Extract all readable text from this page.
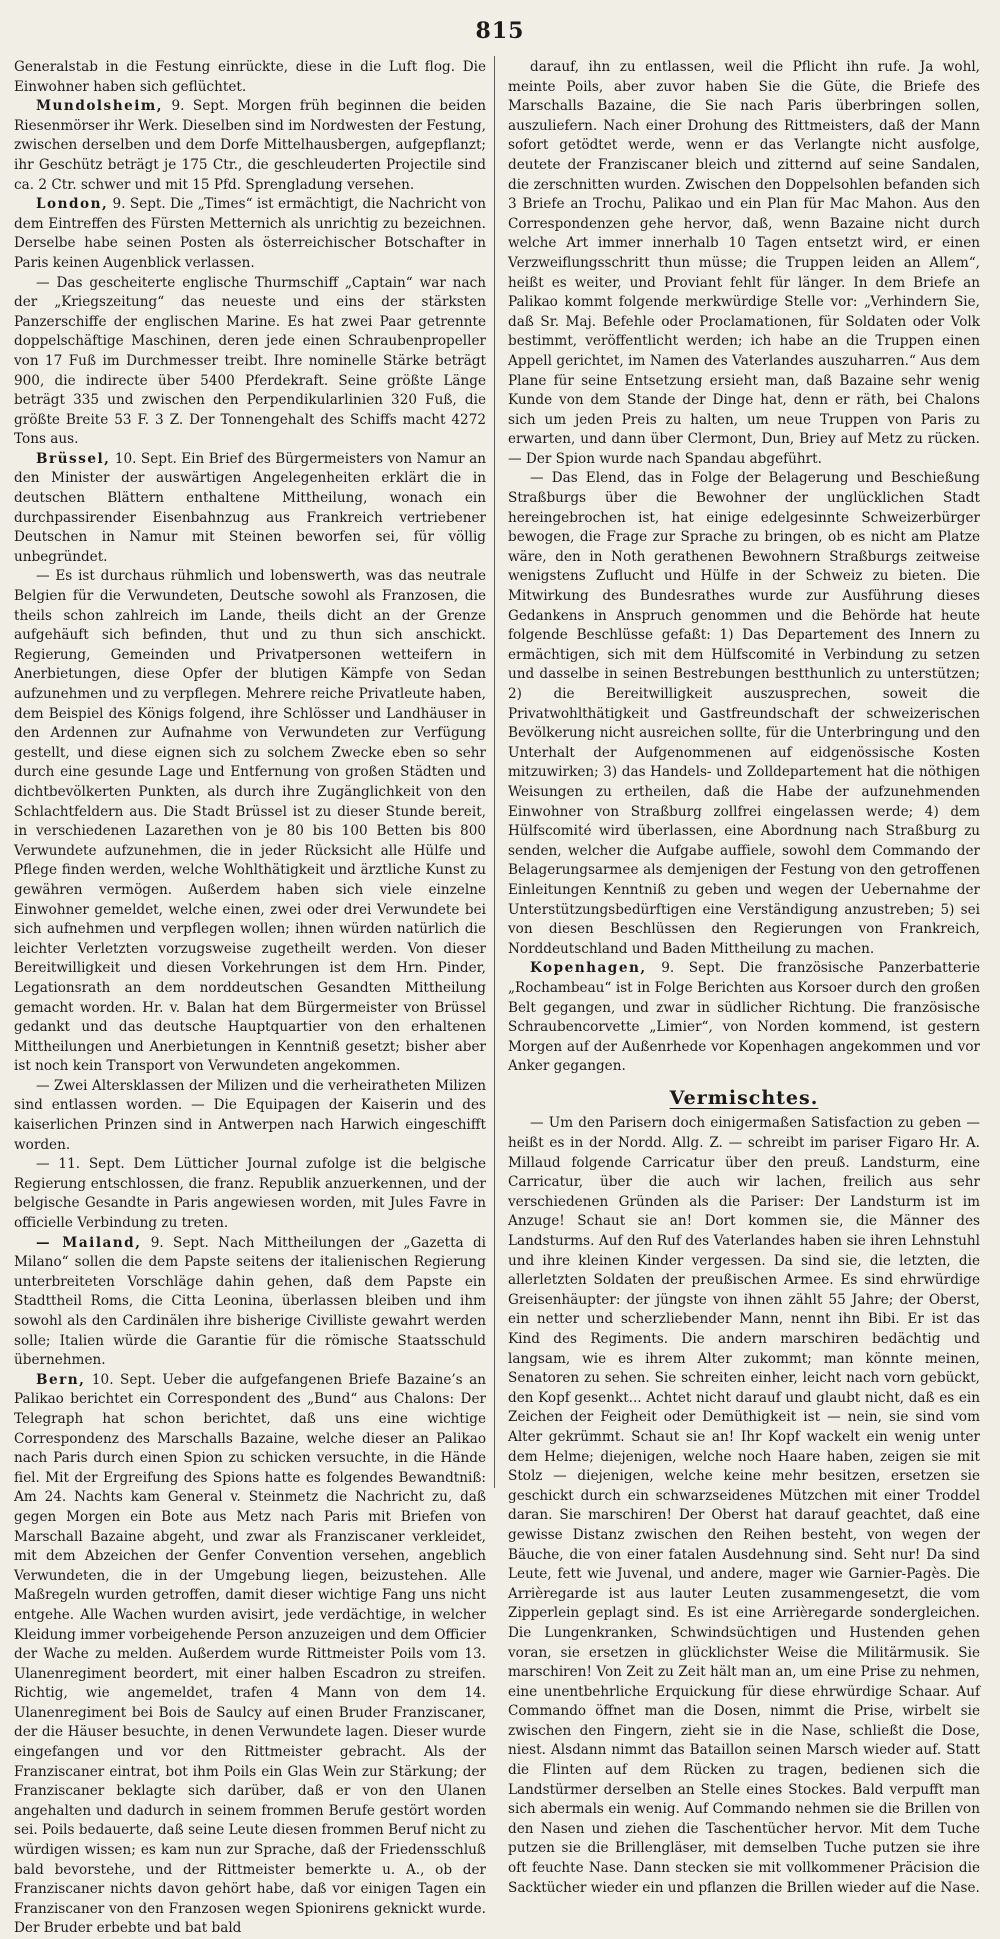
815

Generalstab in die Festung einrückte, diese in die Luft flog. Die Einwohner haben sich geflüchtet.

Mundolsheim, 9. Sept. Morgen früh beginnen die beiden Riesenmörser ihr Werk. Dieselben sind im Nordwesten der Festung, zwischen derselben und dem Dorfe Mittelhausbergen, aufgepflanzt; ihr Geschütz beträgt je 175 Ctr., die geschleuderten Projectile sind ca. 2 Ctr. schwer und mit 15 Pfd. Sprengladung versehen.

London, 9. Sept. Die „Times“ ist ermächtigt, die Nachricht von dem Eintreffen des Fürsten Metternich als unrichtig zu bezeichnen. Derselbe habe seinen Posten als österreichischer Botschafter in Paris keinen Augenblick verlassen.

— Das gescheiterte englische Thurmschiff „Captain“ war nach der „Kriegszeitung“ das neueste und eins der stärksten Panzerschiffe der englischen Marine. Es hat zwei Paar getrennte doppelschäftige Maschinen, deren jede einen Schraubenpropeller von 17 Fuß im Durchmesser treibt. Ihre nominelle Stärke beträgt 900, die indirecte über 5400 Pferdekraft. Seine größte Länge beträgt 335 und zwischen den Perpendikularlinien 320 Fuß, die größte Breite 53 F. 3 Z. Der Tonnengehalt des Schiffs macht 4272 Tons aus.

Brüssel, 10. Sept. Ein Brief des Bürgermeisters von Namur an den Minister der auswärtigen Angelegenheiten erklärt die in deutschen Blättern enthaltene Mittheilung, wonach ein durchpassirender Eisenbahnzug aus Frankreich vertriebener Deutschen in Namur mit Steinen beworfen sei, für völlig unbegründet.

— Es ist durchaus rühmlich und lobenswerth, was das neutrale Belgien für die Verwundeten, Deutsche sowohl als Franzosen, die theils schon zahlreich im Lande, theils dicht an der Grenze aufgehäuft sich befinden, thut und zu thun sich anschickt. Regierung, Gemeinden und Privatpersonen wetteifern in Anerbietungen, diese Opfer der blutigen Kämpfe von Sedan aufzunehmen und zu verpflegen. Mehrere reiche Privatleute haben, dem Beispiel des Königs folgend, ihre Schlösser und Landhäuser in den Ardennen zur Aufnahme von Verwundeten zur Verfügung gestellt, und diese eignen sich zu solchem Zwecke eben so sehr durch eine gesunde Lage und Entfernung von großen Städten und dichtbevölkerten Punkten, als durch ihre Zugänglichkeit von den Schlachtfeldern aus. Die Stadt Brüssel ist zu dieser Stunde bereit, in verschiedenen Lazarethen von je 80 bis 100 Betten bis 800 Verwundete aufzunehmen, die in jeder Rücksicht alle Hülfe und Pflege finden werden, welche Wohlthätigkeit und ärztliche Kunst zu gewähren vermögen. Außerdem haben sich viele einzelne Einwohner gemeldet, welche einen, zwei oder drei Verwundete bei sich aufnehmen und verpflegen wollen; ihnen würden natürlich die leichter Verletzten vorzugsweise zugetheilt werden. Von dieser Bereitwilligkeit und diesen Vorkehrungen ist dem Hrn. Pinder, Legationsrath an dem norddeutschen Gesandten Mittheilung gemacht worden. Hr. v. Balan hat dem Bürgermeister von Brüssel gedankt und das deutsche Hauptquartier von den erhaltenen Mittheilungen und Anerbietungen in Kenntniß gesetzt; bisher aber ist noch kein Transport von Verwundeten angekommen.

— Zwei Altersklassen der Milizen und die verheiratheten Milizen sind entlassen worden. — Die Equipagen der Kaiserin und des kaiserlichen Prinzen sind in Antwerpen nach Harwich eingeschifft worden.

— 11. Sept. Dem Lütticher Journal zufolge ist die belgische Regierung entschlossen, die franz. Republik anzuerkennen, und der belgische Gesandte in Paris angewiesen worden, mit Jules Favre in officielle Verbindung zu treten.

— Mailand, 9. Sept. Nach Mittheilungen der „Gazetta di Milano“ sollen die dem Papste seitens der italienischen Regierung unterbreiteten Vorschläge dahin gehen, daß dem Papste ein Stadttheil Roms, die Citta Leonina, überlassen bleiben und ihm sowohl als den Cardinälen ihre bisherige Civilliste gewahrt werden solle; Italien würde die Garantie für die römische Staatsschuld übernehmen.

Bern, 10. Sept. Ueber die aufgefangenen Briefe Bazaine’s an Palikao berichtet ein Correspondent des „Bund“ aus Chalons: Der Telegraph hat schon berichtet, daß uns eine wichtige Correspondenz des Marschalls Bazaine, welche dieser an Palikao nach Paris durch einen Spion zu schicken versuchte, in die Hände fiel. Mit der Ergreifung des Spions hatte es folgendes Bewandtniß: Am 24. Nachts kam General v. Steinmetz die Nachricht zu, daß gegen Morgen ein Bote aus Metz nach Paris mit Briefen von Marschall Bazaine abgeht, und zwar als Franziscaner verkleidet, mit dem Abzeichen der Genfer Convention versehen, angeblich Verwundeten, die in der Umgebung liegen, beizustehen. Alle Maßregeln wurden getroffen, damit dieser wichtige Fang uns nicht entgehe. Alle Wachen wurden avisirt, jede verdächtige, in welcher Kleidung immer vorbeigehende Person anzuzeigen und dem Officier der Wache zu melden. Außerdem wurde Rittmeister Poils vom 13. Ulanenregiment beordert, mit einer halben Escadron zu streifen. Richtig, wie angemeldet, trafen 4 Mann von dem 14. Ulanenregiment bei Bois de Saulcy auf einen Bruder Franziscaner, der die Häuser besuchte, in denen Verwundete lagen. Dieser wurde eingefangen und vor den Rittmeister gebracht. Als der Franziscaner eintrat, bot ihm Poils ein Glas Wein zur Stärkung; der Franziscaner beklagte sich darüber, daß er von den Ulanen angehalten und dadurch in seinem frommen Berufe gestört worden sei. Poils bedauerte, daß seine Leute diesen frommen Beruf nicht zu würdigen wissen; es kam nun zur Sprache, daß der Friedensschluß bald bevorstehe, und der Rittmeister bemerkte u. A., ob der Franziscaner nichts davon gehört habe, daß vor einigen Tagen ein Franziscaner von den Franzosen wegen Spionirens geknickt wurde. Der Bruder erbebte und bat bald

darauf, ihn zu entlassen, weil die Pflicht ihn rufe. Ja wohl, meinte Poils, aber zuvor haben Sie die Güte, die Briefe des Marschalls Bazaine, die Sie nach Paris überbringen sollen, auszuliefern. Nach einer Drohung des Rittmeisters, daß der Mann sofort getödtet werde, wenn er das Verlangte nicht ausfolge, deutete der Franziscaner bleich und zitternd auf seine Sandalen, die zerschnitten wurden. Zwischen den Doppelsohlen befanden sich 3 Briefe an Trochu, Palikao und ein Plan für Mac Mahon. Aus den Correspondenzen gehe hervor, daß, wenn Bazaine nicht durch welche Art immer innerhalb 10 Tagen entsetzt wird, er einen Verzweiflungsschritt thun müsse; die Truppen leiden an Allem“, heißt es weiter, und Proviant fehlt für länger. In dem Briefe an Palikao kommt folgende merkwürdige Stelle vor: „Verhindern Sie, daß Sr. Maj. Befehle oder Proclamationen, für Soldaten oder Volk bestimmt, veröffentlicht werden; ich habe an die Truppen einen Appell gerichtet, im Namen des Vaterlandes auszuharren.“ Aus dem Plane für seine Entsetzung ersieht man, daß Bazaine sehr wenig Kunde von dem Stande der Dinge hat, denn er räth, bei Chalons sich um jeden Preis zu halten, um neue Truppen von Paris zu erwarten, und dann über Clermont, Dun, Briey auf Metz zu rücken. — Der Spion wurde nach Spandau abgeführt.

— Das Elend, das in Folge der Belagerung und Beschießung Straßburgs über die Bewohner der unglücklichen Stadt hereingebrochen ist, hat einige edelgesinnte Schweizerbürger bewogen, die Frage zur Sprache zu bringen, ob es nicht am Platze wäre, den in Noth gerathenen Bewohnern Straßburgs zeitweise wenigstens Zuflucht und Hülfe in der Schweiz zu bieten. Die Mitwirkung des Bundesrathes wurde zur Ausführung dieses Gedankens in Anspruch genommen und die Behörde hat heute folgende Beschlüsse gefaßt: 1) Das Departement des Innern zu ermächtigen, sich mit dem Hülfscomité in Verbindung zu setzen und dasselbe in seinen Bestrebungen bestthunlich zu unterstützen; 2) die Bereitwilligkeit auszusprechen, soweit die Privatwohlthätigkeit und Gastfreundschaft der schweizerischen Bevölkerung nicht ausreichen sollte, für die Unterbringung und den Unterhalt der Aufgenommenen auf eidgenössische Kosten mitzuwirken; 3) das Handels- und Zolldepartement hat die nöthigen Weisungen zu ertheilen, daß die Habe der aufzunehmenden Einwohner von Straßburg zollfrei eingelassen werde; 4) dem Hülfscomité wird überlassen, eine Abordnung nach Straßburg zu senden, welcher die Aufgabe auffiele, sowohl dem Commando der Belagerungsarmee als demjenigen der Festung von den getroffenen Einleitungen Kenntniß zu geben und wegen der Uebernahme der Unterstützungsbedürftigen eine Verständigung anzustreben; 5) sei von diesen Beschlüssen den Regierungen von Frankreich, Norddeutschland und Baden Mittheilung zu machen.

Kopenhagen, 9. Sept. Die französische Panzerbatterie „Rochambeau“ ist in Folge Berichten aus Korsoer durch den großen Belt gegangen, und zwar in südlicher Richtung. Die französische Schraubencorvette „Limier“, von Norden kommend, ist gestern Morgen auf der Außenrhede vor Kopenhagen angekommen und vor Anker gegangen.

Vermischtes.

— Um den Parisern doch einigermaßen Satisfaction zu geben — heißt es in der Nordd. Allg. Z. — schreibt im pariser Figaro Hr. A. Millaud folgende Carricatur über den preuß. Landsturm, eine Carricatur, über die auch wir lachen, freilich aus sehr verschiedenen Gründen als die Pariser: Der Landsturm ist im Anzuge! Schaut sie an! Dort kommen sie, die Männer des Landsturms. Auf den Ruf des Vaterlandes haben sie ihren Lehnstuhl und ihre kleinen Kinder vergessen. Da sind sie, die letzten, die allerletzten Soldaten der preußischen Armee. Es sind ehrwürdige Greisenhäupter: der jüngste von ihnen zählt 55 Jahre; der Oberst, ein netter und scherzliebender Mann, nennt ihn Bibi. Er ist das Kind des Regiments. Die andern marschiren bedächtig und langsam, wie es ihrem Alter zukommt; man könnte meinen, Senatoren zu sehen. Sie schreiten einher, leicht nach vorn gebückt, den Kopf gesenkt... Achtet nicht darauf und glaubt nicht, daß es ein Zeichen der Feigheit oder Demüthigkeit ist — nein, sie sind vom Alter gekrümmt. Schaut sie an! Ihr Kopf wackelt ein wenig unter dem Helme; diejenigen, welche noch Haare haben, zeigen sie mit Stolz — diejenigen, welche keine mehr besitzen, ersetzen sie geschickt durch ein schwarzseidenes Mützchen mit einer Troddel daran. Sie marschiren! Der Oberst hat darauf geachtet, daß eine gewisse Distanz zwischen den Reihen besteht, von wegen der Bäuche, die von einer fatalen Ausdehnung sind. Seht nur! Da sind Leute, fett wie Juvenal, und andere, mager wie Garnier-Pagès. Die Arrièregarde ist aus lauter Leuten zusammengesetzt, die vom Zipperlein geplagt sind. Es ist eine Arrièregarde sondergleichen. Die Lungenkranken, Schwindsüchtigen und Hustenden gehen voran, sie ersetzen in glücklichster Weise die Militärmusik. Sie marschiren! Von Zeit zu Zeit hält man an, um eine Prise zu nehmen, eine unentbehrliche Erquickung für diese ehrwürdige Schaar. Auf Commando öffnet man die Dosen, nimmt die Prise, wirbelt sie zwischen den Fingern, zieht sie in die Nase, schließt die Dose, niest. Alsdann nimmt das Bataillon seinen Marsch wieder auf. Statt die Flinten auf dem Rücken zu tragen, bedienen sich die Landstürmer derselben an Stelle eines Stockes. Bald verpufft man sich abermals ein wenig. Auf Commando nehmen sie die Brillen von den Nasen und ziehen die Taschentücher hervor. Mit dem Tuche putzen sie die Brillengläser, mit demselben Tuche putzen sie ihre oft feuchte Nase. Dann stecken sie mit vollkommener Präcision die Sacktücher wieder ein und pflanzen die Brillen wieder auf die Nase.
